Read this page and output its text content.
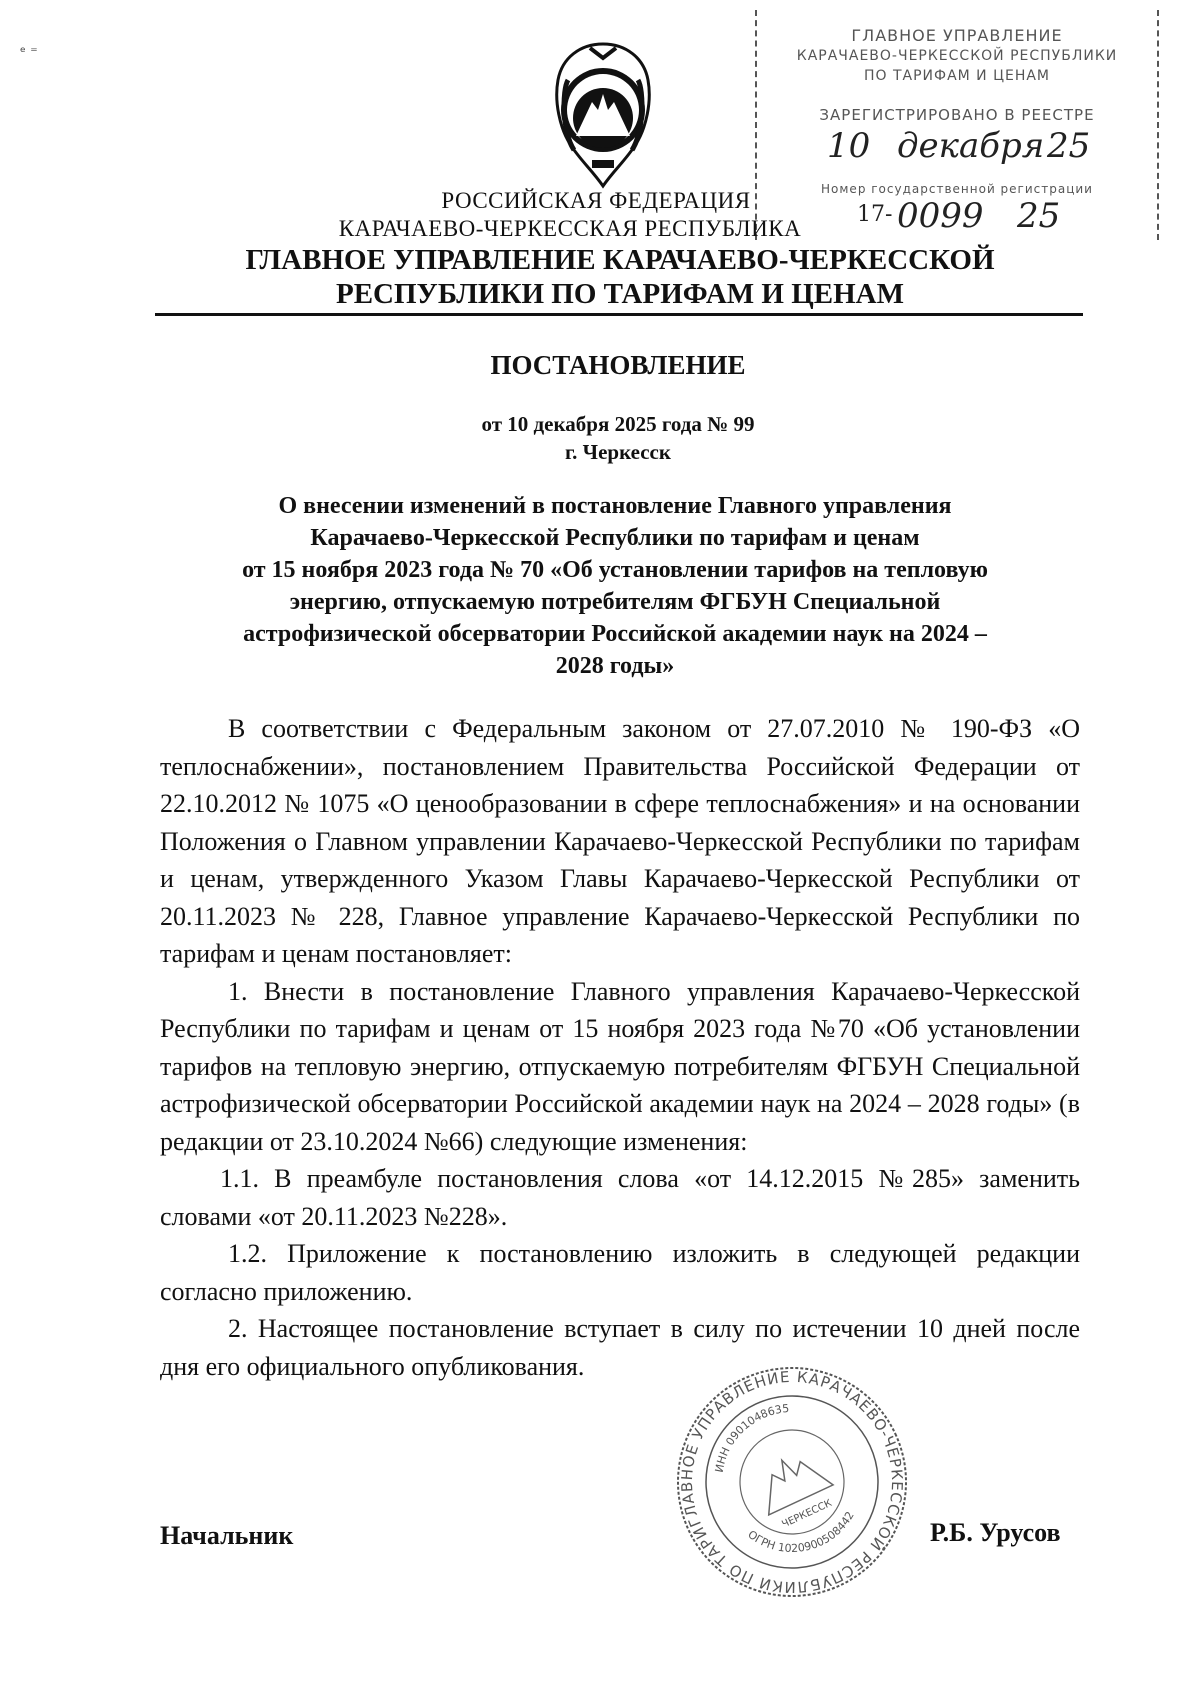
ₑ ₌
ГЛАВНОЕ УПРАВЛЕНИЕ
КАРАЧАЕВО-ЧЕРКЕССКОЙ РЕСПУБЛИКИ
ПО ТАРИФАМ И ЦЕНАМ
ЗАРЕГИСТРИРОВАНО В РЕЕСТРЕ
10 декабря 25
Номер государственной регистрации
17- 0099 25
РОССИЙСКАЯ ФЕДЕРАЦИЯ
КАРАЧАЕВО-ЧЕРКЕССКАЯ РЕСПУБЛИКА
ГЛАВНОЕ УПРАВЛЕНИЕ КАРАЧАЕВО-ЧЕРКЕССКОЙ
РЕСПУБЛИКИ ПО ТАРИФАМ И ЦЕНАМ
ПОСТАНОВЛЕНИЕ
от 10 декабря 2025 года № 99
г. Черкесск
О внесении изменений в постановление Главного управления
Карачаево-Черкесской Республики по тарифам и ценам
от 15 ноября 2023 года № 70 «Об установлении тарифов на тепловую
энергию, отпускаемую потребителям ФГБУН Специальной
астрофизической обсерватории Российской академии наук на 2024 –
2028 годы»

В соответствии с Федеральным законом от 27.07.2010 № 190-ФЗ «О теплоснабжении», постановлением Правительства Российской Федерации от 22.10.2012 № 1075 «О ценообразовании в сфере теплоснабжения» и на основании Положения о Главном управлении Карачаево-Черкесской Республики по тарифам и ценам, утвержденного Указом Главы Карачаево-Черкесской Республики от 20.11.2023 № 228, Главное управление Карачаево-Черкесской Республики по тарифам и ценам постановляет:

1. Внести в постановление Главного управления Карачаево-Черкесской Республики по тарифам и ценам от 15 ноября 2023 года №70 «Об установлении тарифов на тепловую энергию, отпускаемую потребителям ФГБУН Специальной астрофизической обсерватории Российской академии наук на 2024 – 2028 годы» (в редакции от 23.10.2024 №66) следующие изменения:

1.1. В преамбуле постановления слова «от 14.12.2015 №285» заменить словами «от 20.11.2023 №228».

1.2. Приложение к постановлению изложить в следующей редакции согласно приложению.

2. Настоящее постановление вступает в силу по истечении 10 дней после дня его официального опубликования.

ГЛАВНОЕ УПРАВЛЕНИЕ КАРАЧАЕВО-ЧЕРКЕССКОЙ РЕСПУБЛИКИ ПО ТАРИФАМ
ИНН 0901048635
ОГРН 1020900508442
ЧЕРКЕССК
Начальник	Р.Б. Урусов
